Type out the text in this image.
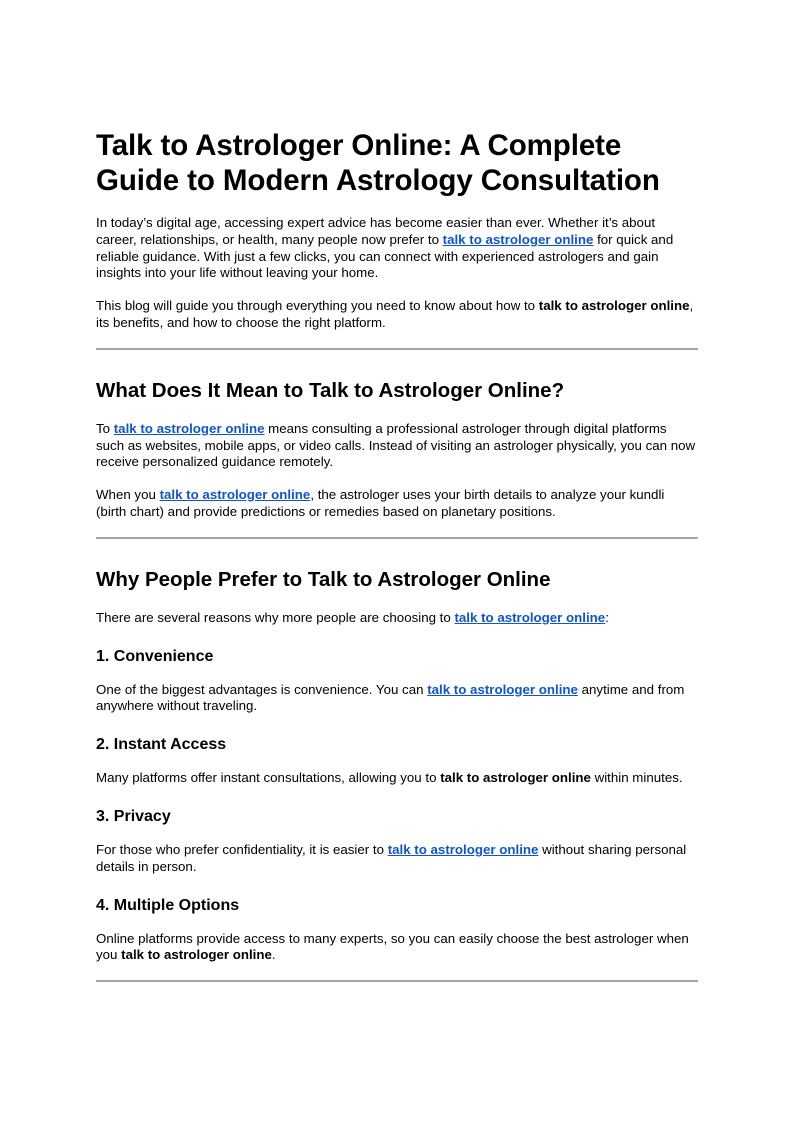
Talk to Astrologer Online: A Complete Guide to Modern Astrology Consultation

In today’s digital age, accessing expert advice has become easier than ever. Whether it’s about career, relationships, or health, many people now prefer to talk to astrologer online for quick and reliable guidance. With just a few clicks, you can connect with experienced astrologers and gain insights into your life without leaving your home.

This blog will guide you through everything you need to know about how to talk to astrologer online, its benefits, and how to choose the right platform.

What Does It Mean to Talk to Astrologer Online?

To talk to astrologer online means consulting a professional astrologer through digital platforms such as websites, mobile apps, or video calls. Instead of visiting an astrologer physically, you can now receive personalized guidance remotely.

When you talk to astrologer online, the astrologer uses your birth details to analyze your kundli (birth chart) and provide predictions or remedies based on planetary positions.

Why People Prefer to Talk to Astrologer Online

There are several reasons why more people are choosing to talk to astrologer online:

1. Convenience

One of the biggest advantages is convenience. You can talk to astrologer online anytime and from anywhere without traveling.

2. Instant Access

Many platforms offer instant consultations, allowing you to talk to astrologer online within minutes.

3. Privacy

For those who prefer confidentiality, it is easier to talk to astrologer online without sharing personal details in person.

4. Multiple Options

Online platforms provide access to many experts, so you can easily choose the best astrologer when you talk to astrologer online.
